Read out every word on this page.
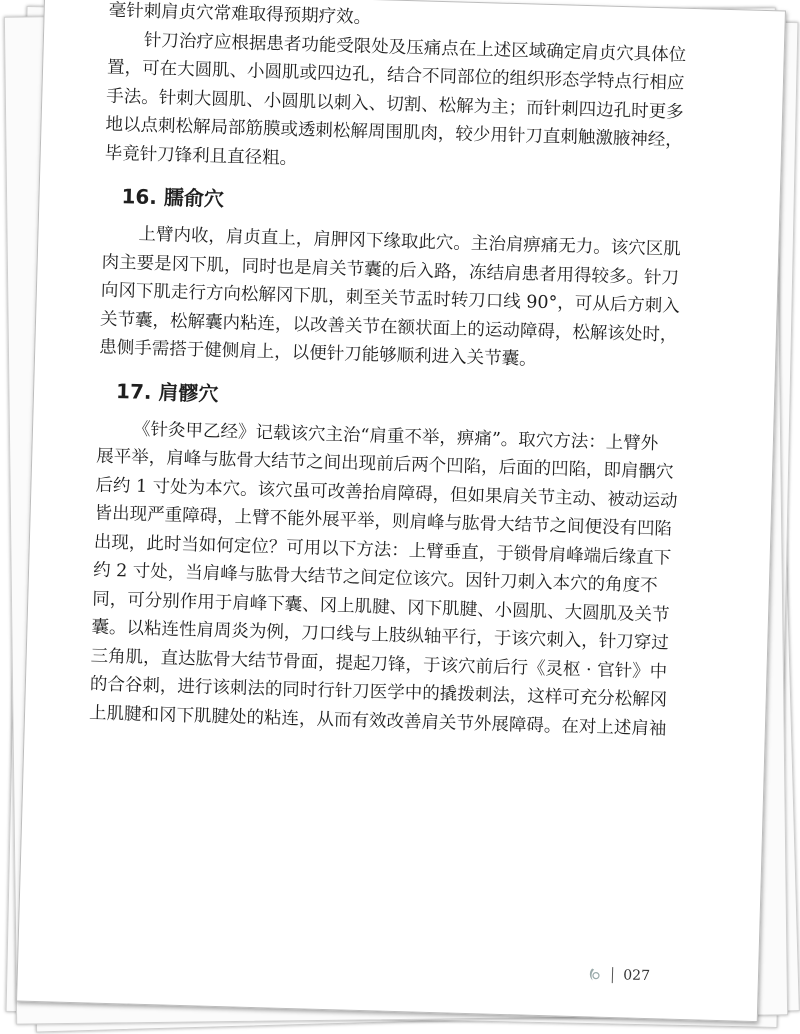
毫针刺肩贞穴常难取得预期疗效。
针刀治疗应根据患者功能受限处及压痛点在上述区域确定肩贞穴具体位
置，可在大圆肌、小圆肌或四边孔，结合不同部位的组织形态学特点行相应
手法。针刺大圆肌、小圆肌以刺入、切割、松解为主；而针刺四边孔时更多
地以点刺松解局部筋膜或透刺松解周围肌肉，较少用针刀直刺触激腋神经，
毕竟针刀锋利且直径粗。

16. 臑俞穴

上臂内收，肩贞直上，肩胛冈下缘取此穴。主治肩痹痛无力。该穴区肌
肉主要是冈下肌，同时也是肩关节囊的后入路，冻结肩患者用得较多。针刀
向冈下肌走行方向松解冈下肌，刺至关节盂时转刀口线 90°，可从后方刺入
关节囊，松解囊内粘连，以改善关节在额状面上的运动障碍，松解该处时，
患侧手需搭于健侧肩上，以便针刀能够顺利进入关节囊。

17. 肩髎穴

《针灸甲乙经》记载该穴主治“肩重不举，痹痛”。取穴方法：上臂外
展平举，肩峰与肱骨大结节之间出现前后两个凹陷，后面的凹陷，即肩髃穴
后约 1 寸处为本穴。该穴虽可改善抬肩障碍，但如果肩关节主动、被动运动
皆出现严重障碍，上臂不能外展平举，则肩峰与肱骨大结节之间便没有凹陷
出现，此时当如何定位？可用以下方法：上臂垂直，于锁骨肩峰端后缘直下
约 2 寸处，当肩峰与肱骨大结节之间定位该穴。因针刀刺入本穴的角度不
同，可分别作用于肩峰下囊、冈上肌腱、冈下肌腱、小圆肌、大圆肌及关节
囊。以粘连性肩周炎为例，刀口线与上肢纵轴平行，于该穴刺入，针刀穿过
三角肌，直达肱骨大结节骨面，提起刀锋，于该穴前后行《灵枢 · 官针》中
的合谷刺，进行该刺法的同时行针刀医学中的撬拨刺法，这样可充分松解冈
上肌腱和冈下肌腱处的粘连，从而有效改善肩关节外展障碍。在对上述肩袖

027
